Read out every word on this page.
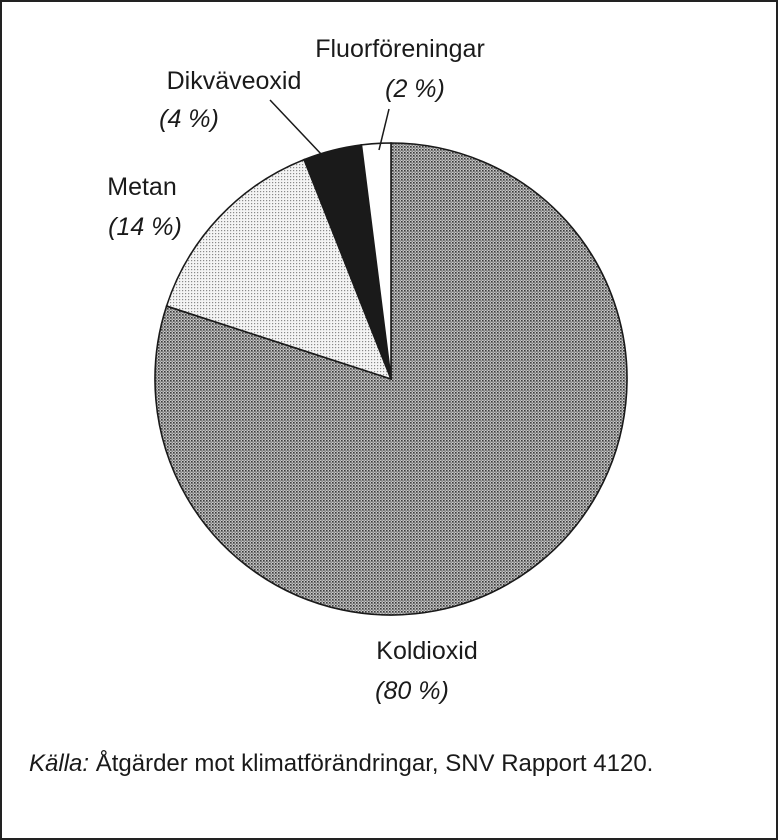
Fluorföreningar
(2 %)
Dikväveoxid
(4 %)
Metan
(14 %)
Koldioxid
(80 %)
Källa: Åtgärder mot klimatförändringar, SNV Rapport 4120.
